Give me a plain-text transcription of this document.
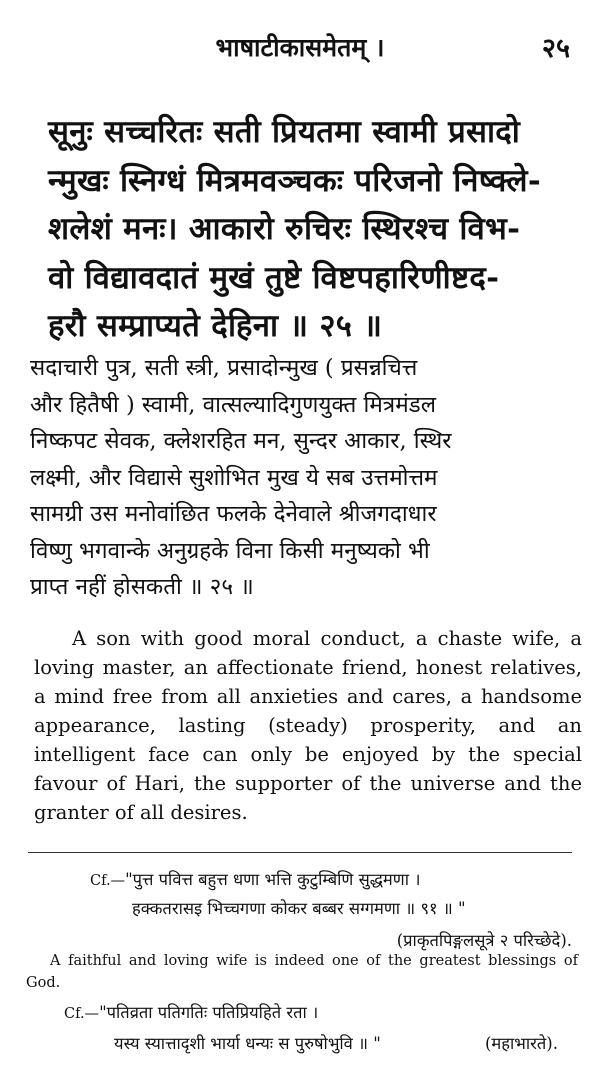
भाषाटीकासमेतम् ।	२५
सूनुः सच्चरितः सती प्रियतमा स्वामी प्रसादो
न्मुखः स्निग्धं मित्रमवञ्चकः परिजनो निष्क्ले-
शलेशं मनः। आकारो रुचिरः स्थिरश्च विभ-
वो विद्यावदातं मुखं तुष्टे विष्टपहारिणीष्टद-
हरौ सम्प्राप्यते देहिना ॥ २५ ॥
सदाचारी पुत्र, सती स्त्री, प्रसादोन्मुख ( प्रसन्नचित्त
और हितैषी ) स्वामी, वात्सल्यादिगुणयुक्त मित्रमंडल
निष्कपट सेवक, क्लेशरहित मन, सुन्दर आकार, स्थिर
लक्ष्मी, और विद्यासे सुशोभित मुख ये सब उत्तमोत्तम
सामग्री उस मनोवांछित फलके देनेवाले श्रीजगदाधार
विष्णु भगवान्के अनुग्रहके विना किसी मनुष्यको भी
प्राप्त नहीं होसकती ॥ २५ ॥
A son with good moral conduct, a chaste wife, a loving master, an affectionate friend, honest relatives, a mind free from all anxieties and cares, a handsome appearance, lasting (steady) prosperity, and an intelligent face can only be enjoyed by the special favour of Hari, the supporter of the universe and the granter of all desires.
Cf.—"पुत्त पवित्त बहुत्त धणा भत्ति कुटुम्बिणि सुद्धमणा ।
हक्कतरासइ भिच्चगणा कोकर बब्बर सग्गमणा ॥ ९१ ॥ "
(प्राकृतपिङ्गलसूत्रे २ परिच्छेदे).
A faithful and loving wife is indeed one of the greatest blessings of God.
Cf.—"पतिव्रता पतिगतिः पतिप्रियहिते रता ।
यस्य स्यात्तादृशी भार्या धन्यः स पुरुषोभुवि ॥ "	(महाभारते).
